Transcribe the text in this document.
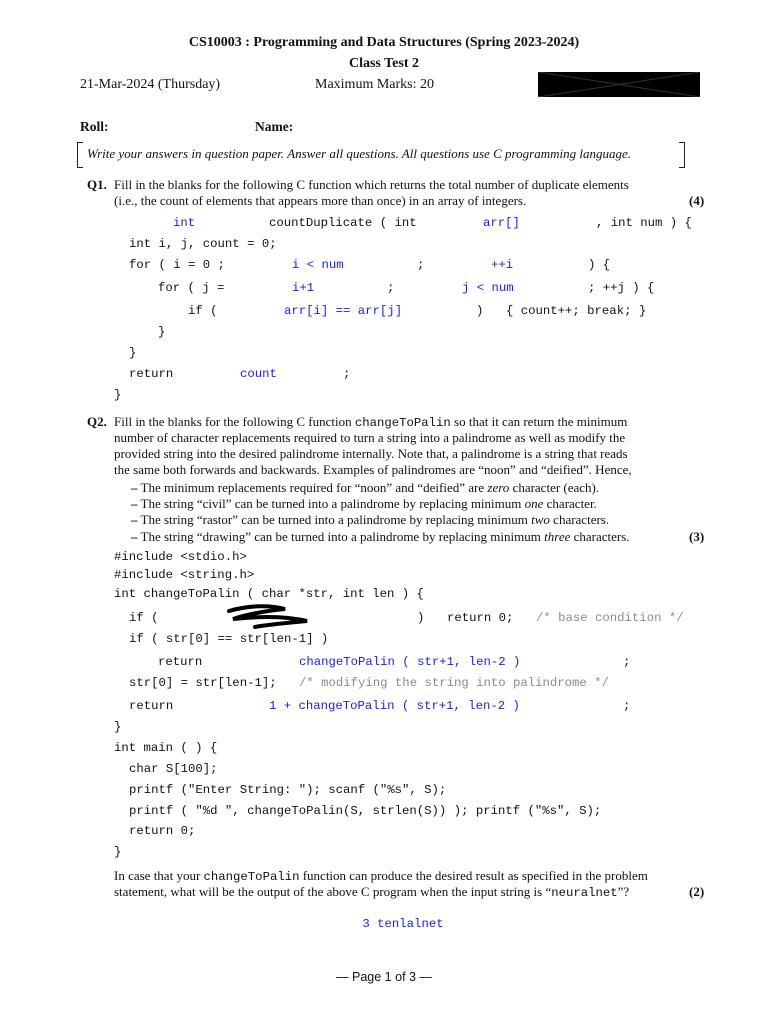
CS10003 : Programming and Data Structures (Spring 2023-2024)
Class Test 2
21-Mar-2024 (Thursday)	Maximum Marks: 20
Roll:	Name:
Write your answers in question paper. Answer all questions. All questions use C programming language.
Q1. Fill in the blanks for the following C function which returns the total number of duplicate elements
(i.e., the count of elements that appears more than once) in an array of integers.	(4)
int	countDuplicate ( int	arr[]	, int num ) {
int i, j, count = 0;
for ( i = 0 ;	i < num	;	++i	) {
for ( j =	i+1	;	j < num	; ++j ) {
if (	arr[i] == arr[j]	) { count++; break; }
}
}
return	count	;
}
Q2. Fill in the blanks for the following C function changeToPalin so that it can return the minimum
number of character replacements required to turn a string into a palindrome as well as modify the
provided string into the desired palindrome internally. Note that, a palindrome is a string that reads
the same both forwards and backwards. Examples of palindromes are “noon” and “deified”. Hence,
– The minimum replacements required for “noon” and “deified” are zero character (each).
– The string “civil” can be turned into a palindrome by replacing minimum one character.
– The string “rastor” can be turned into a palindrome by replacing minimum two characters.
– The string “drawing” can be turned into a palindrome by replacing minimum three characters.	(3)
#include <stdio.h>
#include <string.h>
int changeToPalin ( char *str, int len ) {
if (	) return 0; /* base condition */
if ( str[0] == str[len-1] )
return	changeToPalin ( str+1, len-2 )	;
str[0] = str[len-1]; /* modifying the string into palindrome */
return	1 + changeToPalin ( str+1, len-2 )	;
}
int main ( ) {
char S[100];
printf ("Enter String: "); scanf ("%s", S);
printf ( "%d ", changeToPalin(S, strlen(S)) ); printf ("%s", S);
return 0;
}
In case that your changeToPalin function can produce the desired result as specified in the problem
statement, what will be the output of the above C program when the input string is “neuralnet”?	(2)
3 tenlalnet
— Page 1 of 3 —
